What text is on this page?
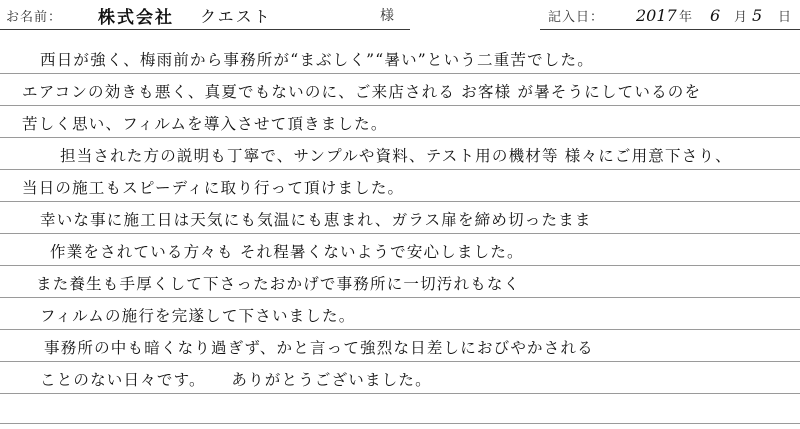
お名前：	株式会社 クエスト	様	記入日： 2017 年 6 月 5 日
西日が強く、梅雨前から事務所が“まぶしく”“暑い”という二重苦でした。
エアコンの効きも悪く、真夏でもないのに、ご来店される お客様 が暑そうにしているのを
苦しく思い、フィルムを導入させて頂きました。
担当された方の説明も丁寧で、サンプルや資料、テスト用の機材等 様々にご用意下さり、
当日の施工もスピーディに取り行って頂けました。
幸いな事に施工日は天気にも気温にも恵まれ、ガラス扉を締め切ったまま
作業をされている方々も それ程暑くないようで安心しました。
また養生も手厚くして下さったおかげで事務所に一切汚れもなく
フィルムの施行を完遂して下さいました。
事務所の中も暗くなり過ぎず、かと言って強烈な日差しにおびやかされる
ことのない日々です。　　ありがとうございました。
